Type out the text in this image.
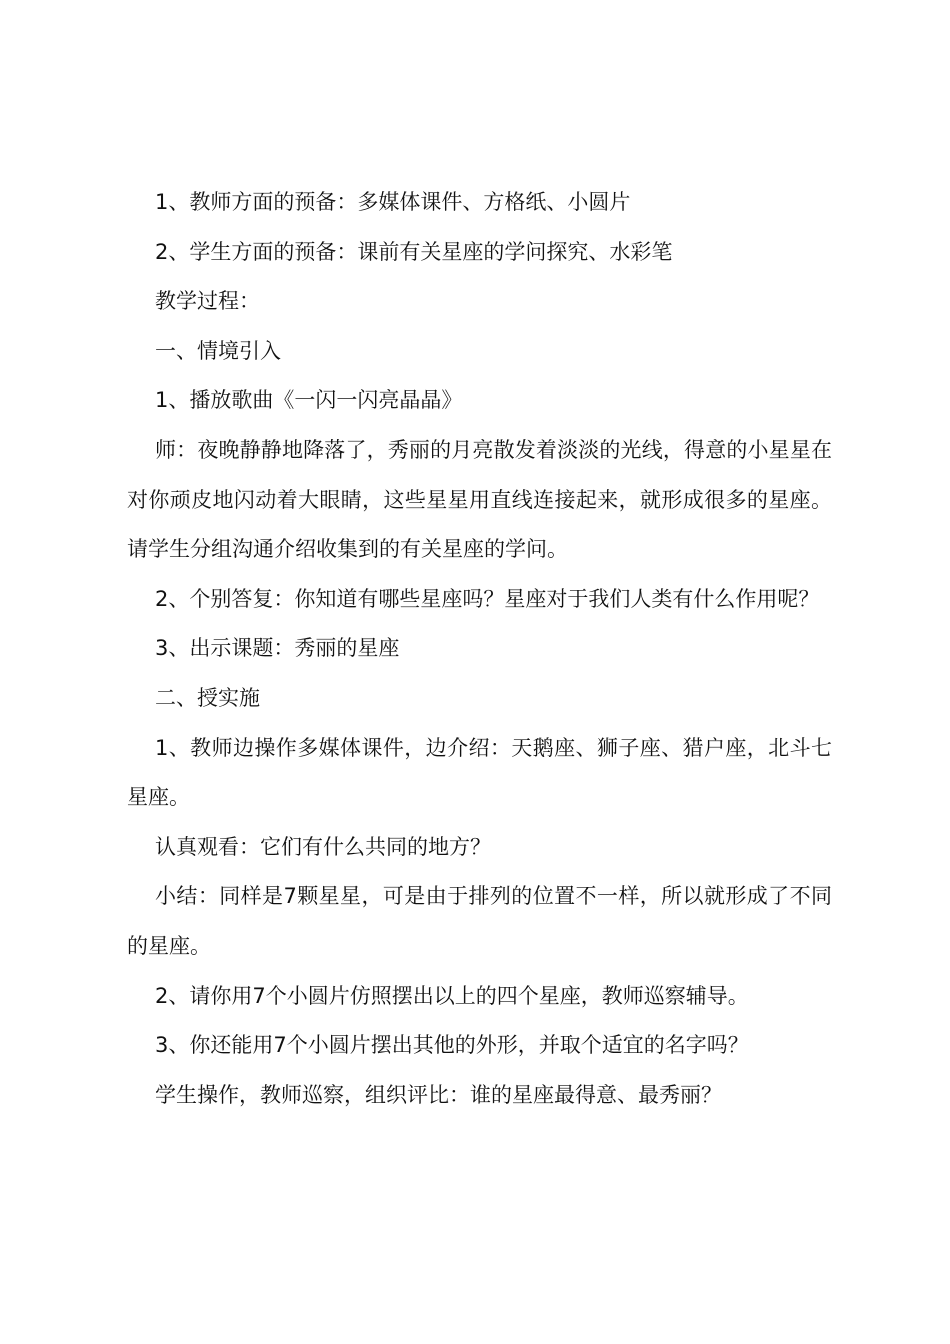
1、教师方面的预备：多媒体课件、方格纸、小圆片

2、学生方面的预备：课前有关星座的学问探究、水彩笔

教学过程：

一、情境引入

1、播放歌曲《一闪一闪亮晶晶》

师：夜晚静静地降落了，秀丽的月亮散发着淡淡的光线，得意的小星星在对你顽皮地闪动着大眼睛，这些星星用直线连接起来，就形成很多的星座。请学生分组沟通介绍收集到的有关星座的学问。

2、个别答复：你知道有哪些星座吗？星座对于我们人类有什么作用呢？

3、出示课题：秀丽的星座

二、授实施

1、教师边操作多媒体课件，边介绍：天鹅座、狮子座、猎户座，北斗七星座。

认真观看：它们有什么共同的地方？

小结：同样是7颗星星，可是由于排列的位置不一样，所以就形成了不同的星座。

2、请你用7个小圆片仿照摆出以上的四个星座，教师巡察辅导。

3、你还能用7个小圆片摆出其他的外形，并取个适宜的名字吗？

学生操作，教师巡察，组织评比：谁的星座最得意、最秀丽？
